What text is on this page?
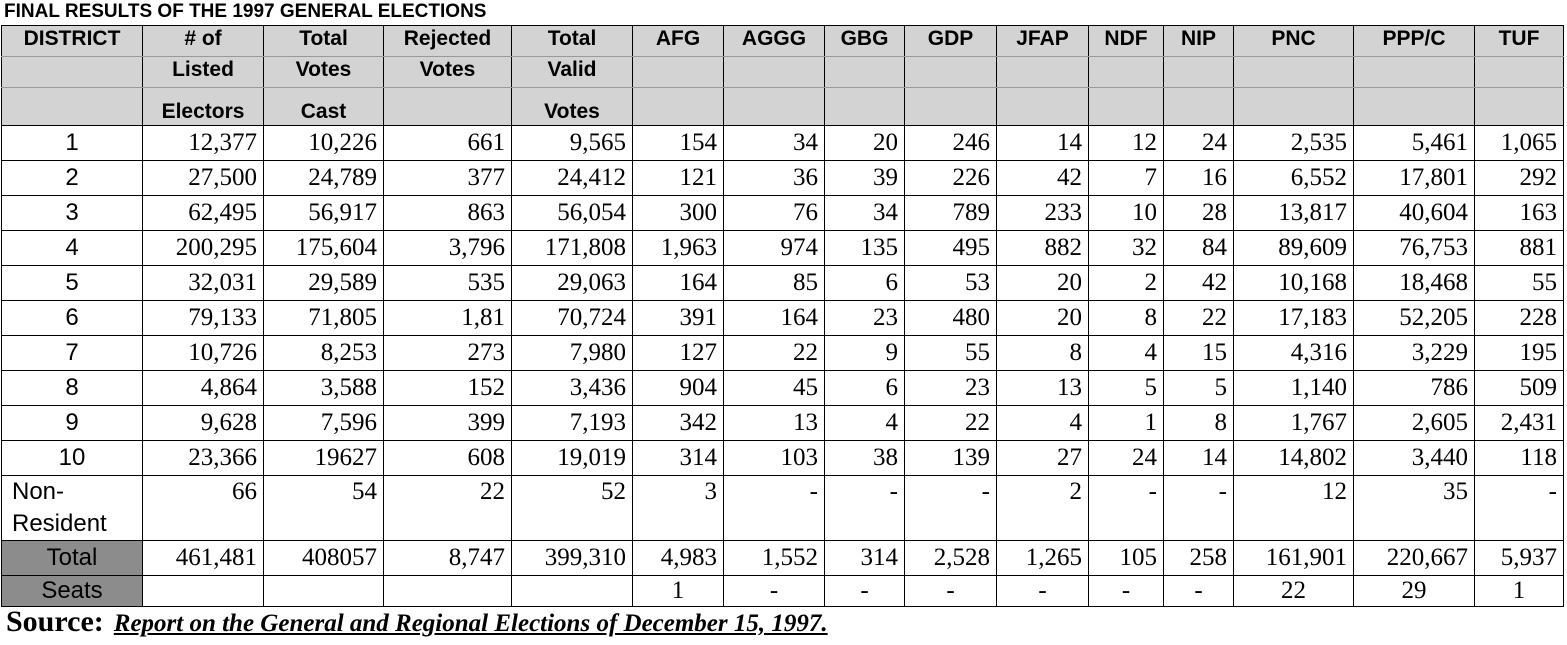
FINAL RESULTS OF THE 1997 GENERAL ELECTIONS
DISTRICT	# of	Total	Rejected	Total	AFG	AGGG	GBG	GDP	JFAP	NDF	NIP	PNC	PPP/C	TUF
	Listed	Votes	Votes	Valid										
	Electors	Cast		Votes										
1	12,377	10,226	661	9,565	154	34	20	246	14	12	24	2,535	5,461	1,065
2	27,500	24,789	377	24,412	121	36	39	226	42	7	16	6,552	17,801	292
3	62,495	56,917	863	56,054	300	76	34	789	233	10	28	13,817	40,604	163
4	200,295	175,604	3,796	171,808	1,963	974	135	495	882	32	84	89,609	76,753	881
5	32,031	29,589	535	29,063	164	85	6	53	20	2	42	10,168	18,468	55
6	79,133	71,805	1,81	70,724	391	164	23	480	20	8	22	17,183	52,205	228
7	10,726	8,253	273	7,980	127	22	9	55	8	4	15	4,316	3,229	195
8	4,864	3,588	152	3,436	904	45	6	23	13	5	5	1,140	786	509
9	9,628	7,596	399	7,193	342	13	4	22	4	1	8	1,767	2,605	2,431
10	23,366	19627	608	19,019	314	103	38	139	27	24	14	14,802	3,440	118

Non-
Resident	66	54	22	52	3	-	-	-	2	-	-	12	35	-
Total	461,481	408057	8,747	399,310	4,983	1,552	314	2,528	1,265	105	258	161,901	220,667	5,937
Seats					1	-	-	-	-	-	-	22	29	1
Source: Report on the General and Regional Elections of December 15, 1997.
